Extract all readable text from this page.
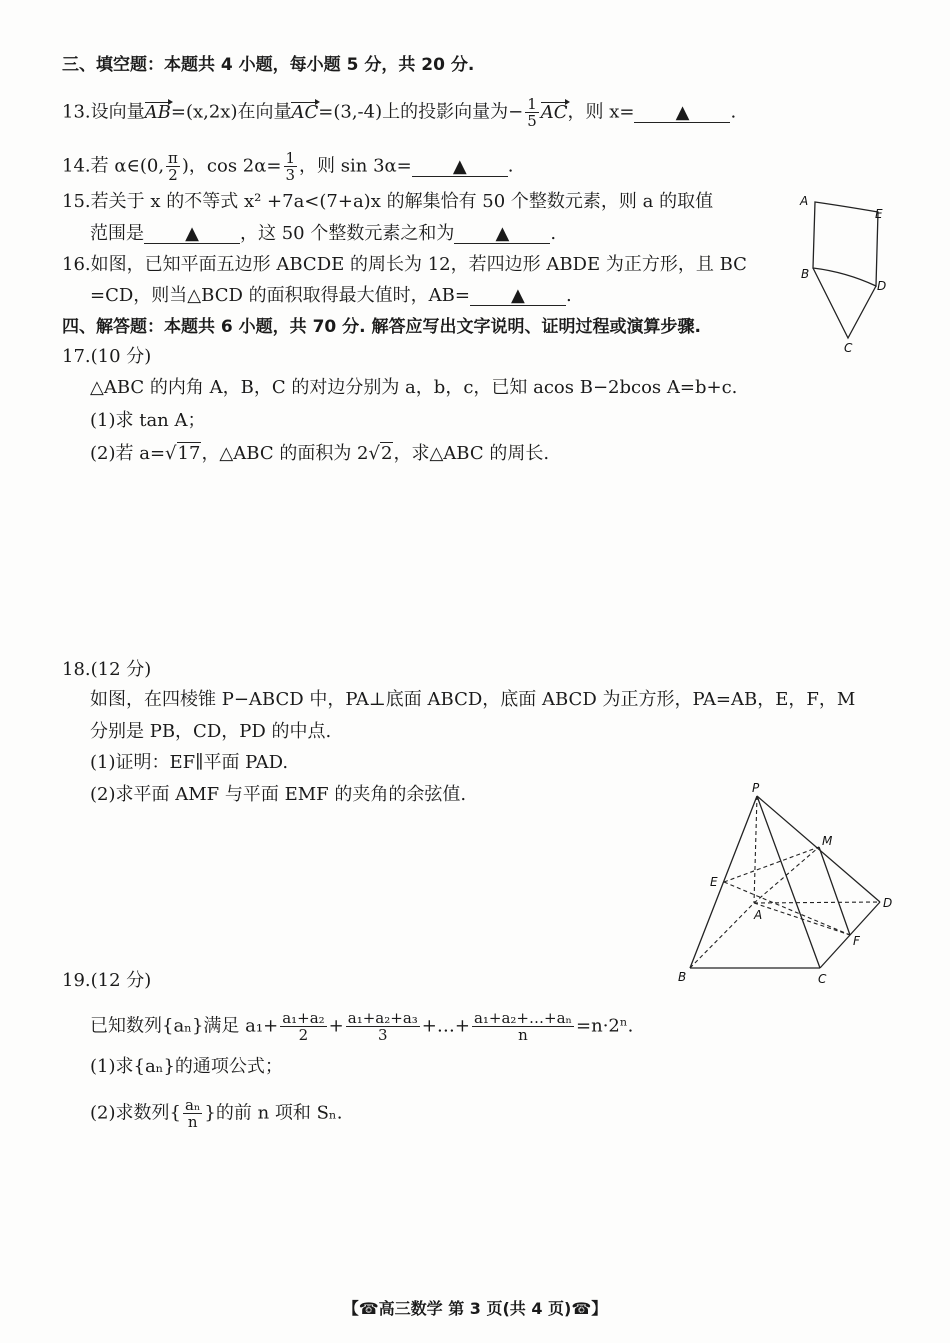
三、填空题：本题共 4 小题，每小题 5 分，共 20 分.
13.设向量AB=(x,2x)在向量AC=(3,-4)上的投影向量为− $\frac{1}{5}$ AC，则 x= ▲ .
14.若 α∈(0, $\frac{\pi}{2}$ )，$\cos 2\alpha= \frac{1}{3}$ ，则 sin 3α= ▲ .
15.若关于 x 的不等式 x² +7a<(7+a)x 的解集恰有 50 个整数元素，则 a 的取值
范围是 ▲ ，这 50 个整数元素之和为 ▲ .
16.如图，已知平面五边形 ABCDE 的周长为 12，若四边形 ABDE 为正方形，且 BC
=CD，则当△BCD 的面积取得最大值时，AB= ▲ .
A
E
B
D
C
四、解答题：本题共 6 小题，共 70 分. 解答应写出文字说明、证明过程或演算步骤.
17.(10 分)
△ABC 的内角 A，B，C 的对边分别为 a，b，c，已知 acos B−2bcos A=b+c.
(1)求 tan A；
(2)若 a=√17，△ABC 的面积为 2√2，求△ABC 的周长.
18.(12 分)
如图，在四棱锥 P−ABCD 中，PA⊥底面 ABCD，底面 ABCD 为正方形，PA=AB，E，F，M
分别是 PB，CD，PD 的中点.
(1)证明：EF∥平面 PAD.
(2)求平面 AMF 与平面 EMF 的夹角的余弦值.	P
M
E
A
D
F
B	C
19.(12 分)
已知数列{aₙ}满足 $a_1+ \frac{\text{a₁+a₂}}{2} + \frac{\text{a₁+a₂+a₃}}{3}$ +…+ $\frac{\text{a₁+a₂+…+aₙ}}{n} =n\cdot 2^n$.
(1)求{aₙ}的通项公式；
(2)求数列{ $\frac{\text{aₙ}}{n}$ }的前 n 项和 Sₙ.
【☎高三数学 第 3 页(共 4 页)☎】
